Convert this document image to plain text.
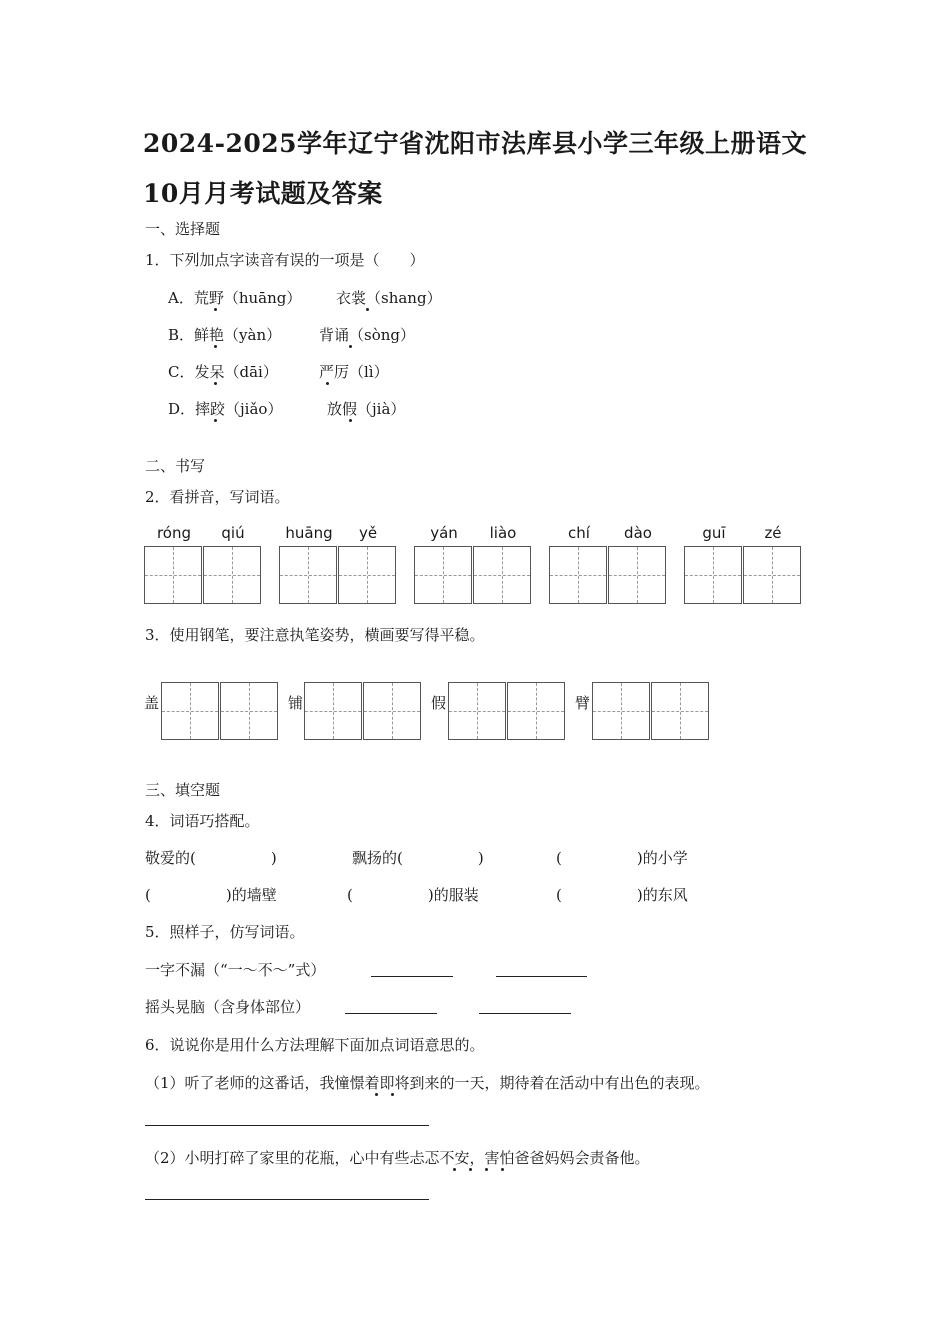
2024-2025学年辽宁省沈阳市法库县小学三年级上册语文
10月月考试题及答案
一、选择题
1．下列加点字读音有误的一项是（　　）
A．荒野（huāng） 衣裳（shang）
B．鲜艳（yàn）	背诵（sòng）
C．发呆（dāi）	严厉（lì）
D．摔跤（jiǎo）	放假（jià）
二、书写
2．看拼音，写词语。
róng	qiú	huāng	yě	yán	liào	chí	dào	guī	zé
3．使用钢笔，要注意执笔姿势，横画要写得平稳。
盖	铺	假	臂
三、填空题
4．词语巧搭配。
敬爱的(　　　　　)	飘扬的(　　　　　)	(　　　　　)的小学
(　　　　　)的墙壁	(　　　　　)的服装	(　　　　　)的东风
5．照样子，仿写词语。
一字不漏（“一～不～”式）
摇头晃脑（含身体部位）
6．说说你是用什么方法理解下面加点词语意思的。
（1）听了老师的这番话，我憧憬着即将到来的一天，期待着在活动中有出色的表现。
（2）小明打碎了家里的花瓶，心中有些忐忑不安，害怕爸爸妈妈会责备他。
